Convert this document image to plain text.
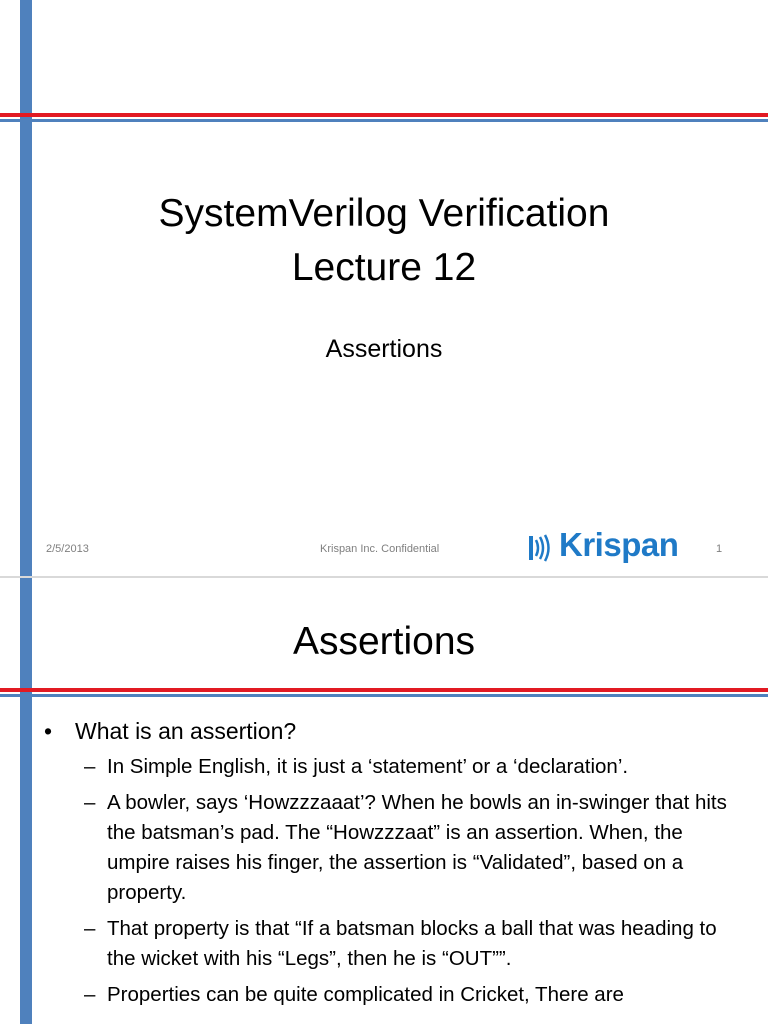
SystemVerilog Verification
Lecture 12
Assertions
2/5/2013	Krispan Inc. Confidential	1
Krispan
Assertions
• What is an assertion?
– In Simple English, it is just a ‘statement’ or a ‘declaration’.
– A bowler, says ‘Howzzzaaat’? When he bowls an in-swinger that hits the batsman’s pad. The “Howzzzaat” is an assertion. When, the umpire raises his finger, the assertion is “Validated”, based on a property.
– That property is that “If a batsman blocks a ball that was heading to the wicket with his “Legs”, then he is “OUT””.
– Properties can be quite complicated in Cricket, There are
